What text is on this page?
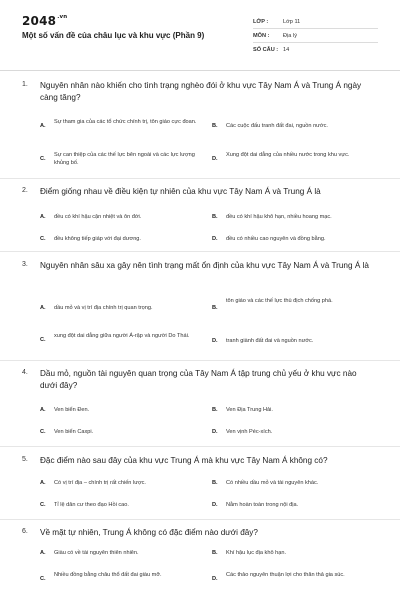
$2048^{.vn}$
Một số vấn đề của châu lục và khu vực (Phần 9)
LỚP :	Lớp 11
MÔN : Địa lý
SỐ CÂU : 14
1. Nguyên nhân nào khiến cho tình trạng nghèo đói ở khu vực Tây Nam Á và Trung Á ngày càng tăng?
A.
Sự tham gia của các tổ chức chính trị, tôn giáo cực đoan.
B. Các cuộc đấu tranh đất đai, nguồn nước.
C.
Sự can thiệp của các thế lực bên ngoài và các lực lượng khủng bố.
D.
Xung đột dai dẳng của nhiều nước trong khu vực.
2. Điểm giống nhau về điều kiện tự nhiên của khu vực Tây Nam Á và Trung Á là
A. đều có khí hậu cận nhiệt và ôn đới.	B. đều có khí hậu khô hạn, nhiều hoang mạc.
C. đều không tiếp giáp với đại dương.	D. đều có nhiều cao nguyên và đồng bằng.
3. Nguyên nhân sâu xa gây nên tình trạng mất ổn định của khu vực Tây Nam Á và Trung Á là
A. dầu mỏ và vị trí địa chính trị quan trọng.	B.
tôn giáo và các thế lực thù địch chống phá.
C.
xung đột dai dẳng giữa người Á-rập và người Do Thái.
D. tranh giành đất đai và nguồn nước.
4. Dầu mỏ, nguồn tài nguyên quan trọng của Tây Nam Á tập trung chủ yếu ở khu vực nào dưới đây?
A. Ven biển Đen.	B. Ven Địa Trung Hải.
C. Ven biển Caxpi.	D. Ven vịnh Péc-xích.
5. Đặc điểm nào sau đây của khu vực Trung Á mà khu vực Tây Nam Á không có?
A. Có vị trí địa – chính trị rất chiến lược.	B. Có nhiều dầu mỏ và tài nguyên khác.
C. Tỉ lệ dân cư theo đạo Hồi cao.	D. Nằm hoàn toàn trong nội địa.
6. Về mặt tự nhiên, Trung Á không có đặc điểm nào dưới đây?
A. Giàu có về tài nguyên thiên nhiên.	B. Khí hậu lục địa khô hạn.
C.
Nhiều đồng bằng châu thổ đất đai giàu mỡ.
D.
Các thảo nguyên thuận lợi cho thăn thả gia súc.
